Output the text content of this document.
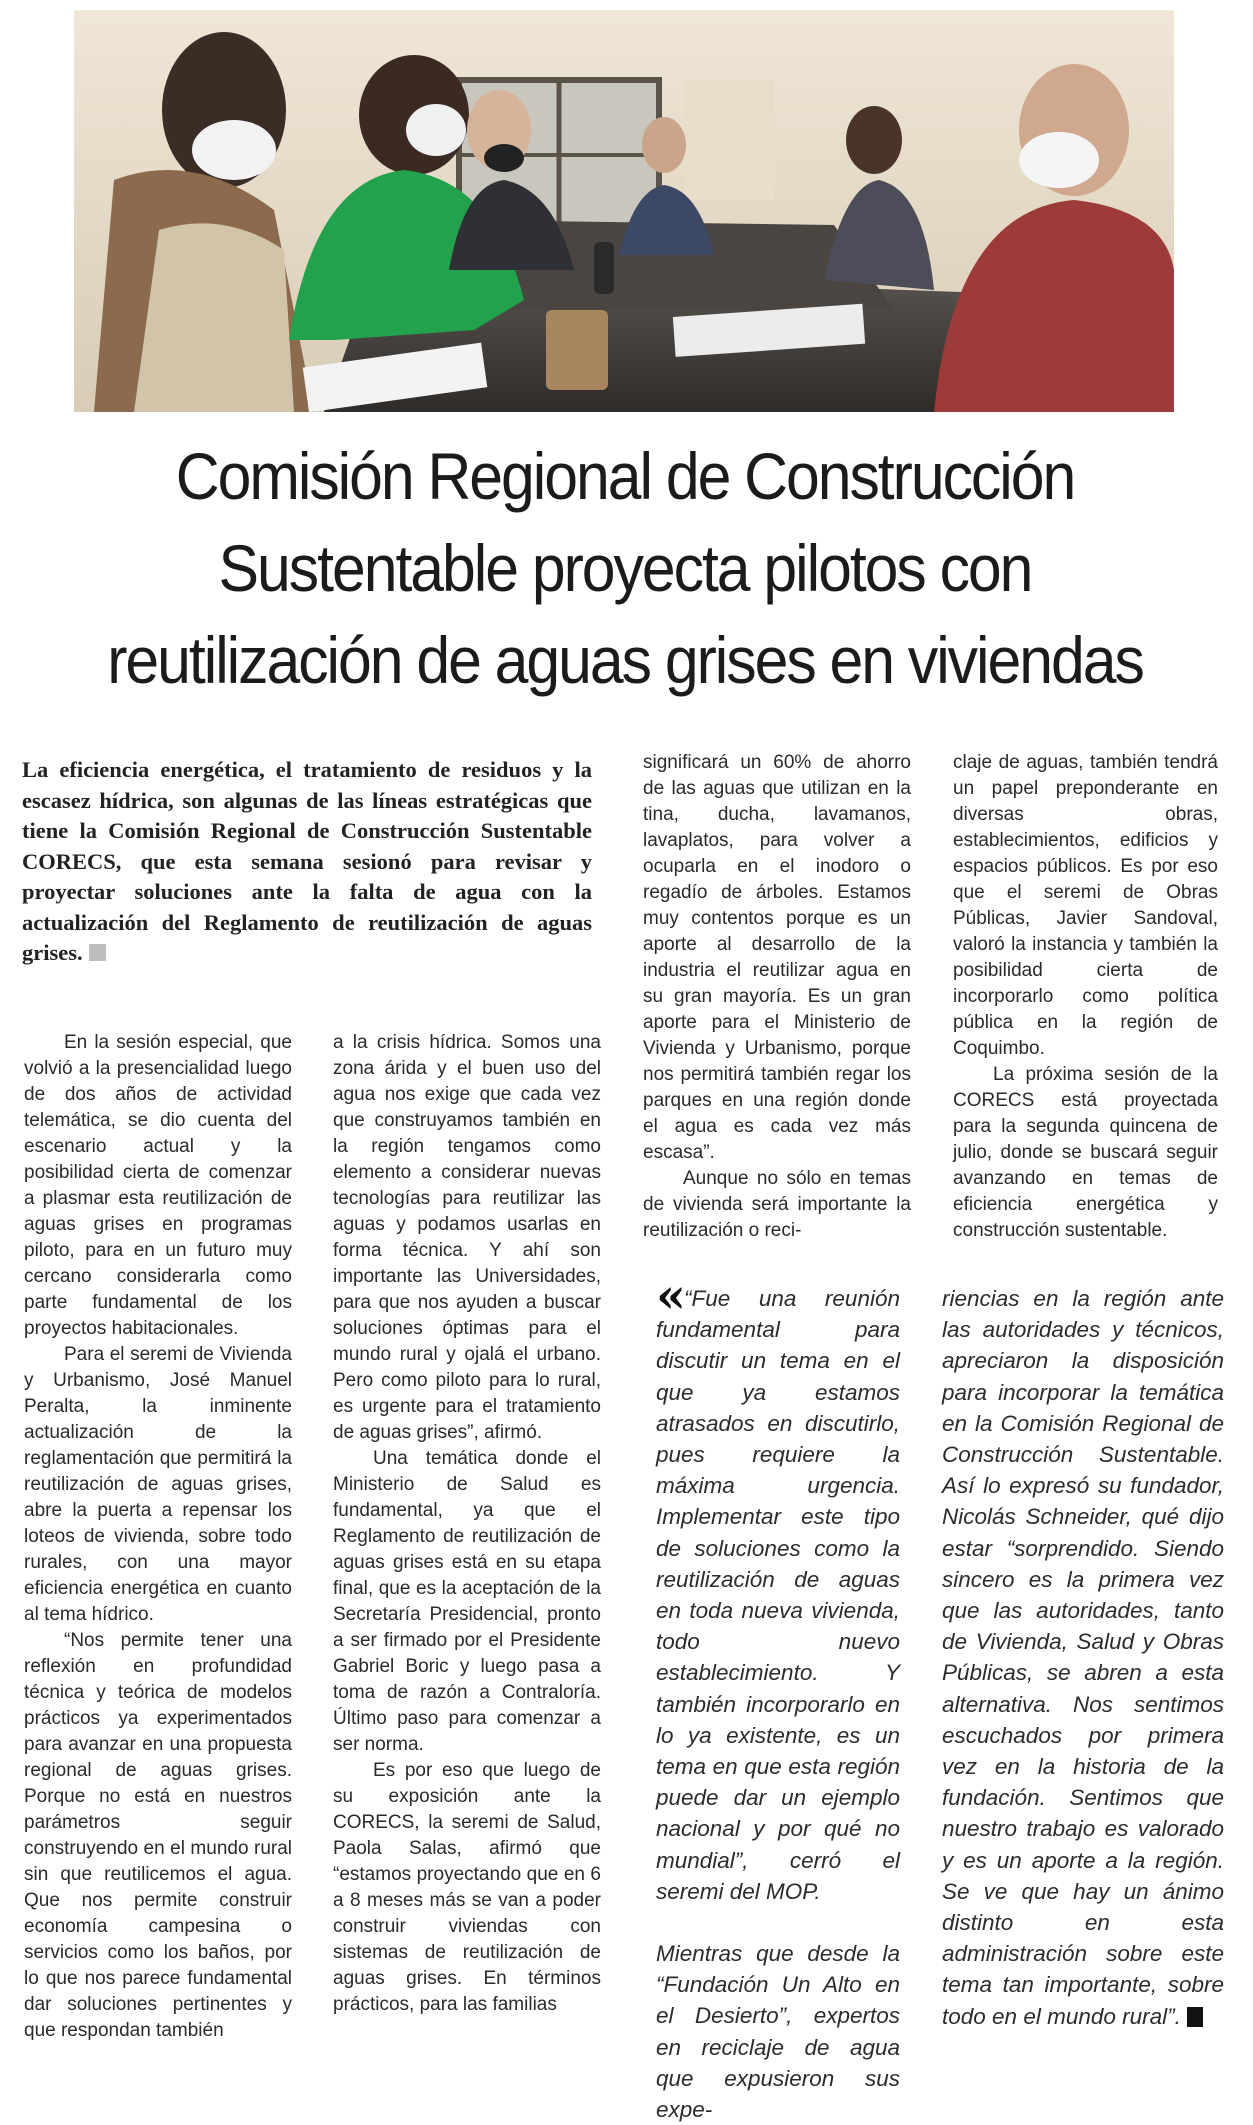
Comisión Regional de Construcción
Sustentable proyecta pilotos con
reutilización de aguas grises en viviendas

La eficiencia energética, el tratamiento de residuos y la escasez hídrica, son algunas de las líneas estratégicas que tiene la Comisión Regional de Construcción Sustentable CORECS, que esta semana sesionó para revisar y proyectar soluciones ante la falta de agua con la actualización del Reglamento de reutilización de aguas grises.

En la sesión especial, que volvió a la presencialidad luego de dos años de actividad telemática, se dio cuenta del escenario actual y la posibilidad cierta de comenzar a plasmar esta reutilización de aguas grises en programas piloto, para en un futuro muy cercano considerarla como parte fundamental de los proyectos habitacionales.

Para el seremi de Vivienda y Urbanismo, José Manuel Peralta, la inminente actualización de la reglamentación que permitirá la reutilización de aguas grises, abre la puerta a repensar los loteos de vivienda, sobre todo rurales, con una mayor eficiencia energética en cuanto al tema hídrico.

“Nos permite tener una reflexión en profundidad técnica y teórica de modelos prácticos ya experimentados para avanzar en una propuesta regional de aguas grises. Porque no está en nuestros parámetros seguir construyendo en el mundo rural sin que reutilicemos el agua. Que nos permite construir economía campesina o servicios como los baños, por lo que nos parece fundamental dar soluciones pertinentes y que respondan también

a la crisis hídrica. Somos una zona árida y el buen uso del agua nos exige que cada vez que construyamos también en la región tengamos como elemento a considerar nuevas tecnologías para reutilizar las aguas y podamos usarlas en forma técnica. Y ahí son importante las Universidades, para que nos ayuden a buscar soluciones óptimas para el mundo rural y ojalá el urbano. Pero como piloto para lo rural, es urgente para el tratamiento de aguas grises”, afirmó.

Una temática donde el Ministerio de Salud es fundamental, ya que el Reglamento de reutilización de aguas grises está en su etapa final, que es la aceptación de la Secretaría Presidencial, pronto a ser firmado por el Presidente Gabriel Boric y luego pasa a toma de razón a Contraloría. Último paso para comenzar a ser norma.

Es por eso que luego de su exposición ante la CORECS, la seremi de Salud, Paola Salas, afirmó que “estamos proyectando que en 6 a 8 meses más se van a poder construir viviendas con sistemas de reutilización de aguas grises. En términos prácticos, para las familias

significará un 60% de ahorro de las aguas que utilizan en la tina, ducha, lavamanos, lavaplatos, para volver a ocuparla en el inodoro o regadío de árboles. Estamos muy contentos porque es un aporte al desarrollo de la industria el reutilizar agua en su gran mayoría. Es un gran aporte para el Ministerio de Vivienda y Urbanismo, porque nos permitirá también regar los parques en una región donde el agua es cada vez más escasa”.

Aunque no sólo en temas de vivienda será importante la reutilización o reci-

claje de aguas, también tendrá un papel preponderante en diversas obras, establecimientos, edificios y espacios públicos. Es por eso que el seremi de Obras Públicas, Javier Sandoval, valoró la instancia y también la posibilidad cierta de incorporarlo como política pública en la región de Coquimbo.

La próxima sesión de la CORECS está proyectada para la segunda quincena de julio, donde se buscará seguir avanzando en temas de eficiencia energética y construcción sustentable.

« “Fue una reunión fundamental para discutir un tema en el que ya estamos atrasados en discutirlo, pues requiere la máxima urgencia. Implementar este tipo de soluciones como la reutilización de aguas en toda nueva vivienda, todo nuevo establecimiento. Y también incorporarlo en lo ya existente, es un tema en que esta región puede dar un ejemplo nacional y por qué no mundial”, cerró el seremi del MOP.

Mientras que desde la “Fundación Un Alto en el Desierto”, expertos en reciclaje de agua que expusieron sus expe-

riencias en la región ante las autoridades y técnicos, apreciaron la disposición para incorporar la temática en la Comisión Regional de Construcción Sustentable. Así lo expresó su fundador, Nicolás Schneider, qué dijo estar “sorprendido. Siendo sincero es la primera vez que las autoridades, tanto de Vivienda, Salud y Obras Públicas, se abren a esta alternativa. Nos sentimos escuchados por primera vez en la historia de la fundación. Sentimos que nuestro trabajo es valorado y es un aporte a la región. Se ve que hay un ánimo distinto en esta administración sobre este tema tan importante, sobre todo en el mundo rural”.
